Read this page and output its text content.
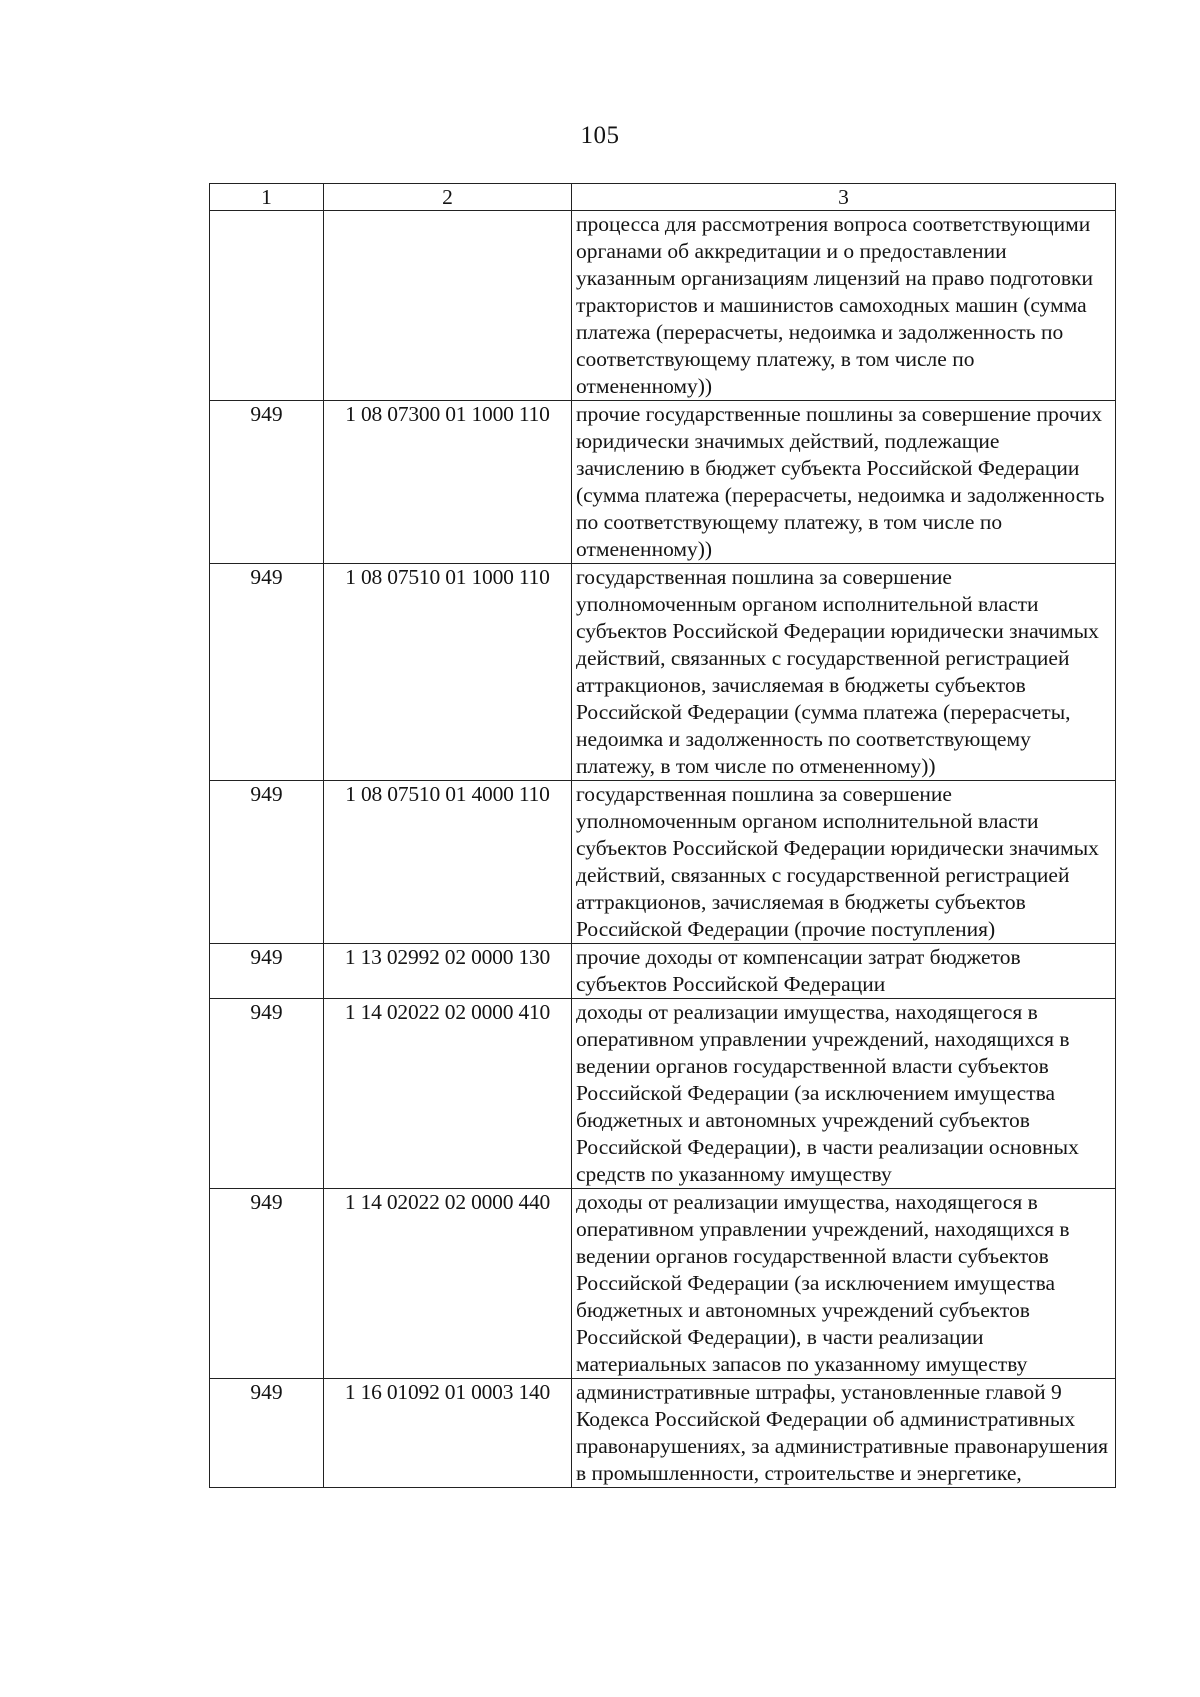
105
1	2	3
		процесса для рассмотрения вопроса соответствующими органами об аккредитации и о предоставлении указанным организациям лицензий на право подготовки трактористов и машинистов самоходных машин (сумма платежа (перерасчеты, недоимка и задолженность по соответствующему платежу, в том числе по отмененному))
949	1 08 07300 01 1000 110	прочие государственные пошлины за совершение прочих юридически значимых действий, подлежащие зачислению в бюджет субъекта Российской Федерации (сумма платежа (перерасчеты, недоимка и задолженность по соответствующему платежу, в том числе по отмененному))
949	1 08 07510 01 1000 110	государственная пошлина за совершение уполномоченным органом исполнительной власти субъектов Российской Федерации юридически значимых действий, связанных с государственной регистрацией аттракционов, зачисляемая в бюджеты субъектов Российской Федерации (сумма платежа (перерасчеты, недоимка и задолженность по соответствующему платежу, в том числе по отмененному))
949	1 08 07510 01 4000 110	государственная пошлина за совершение уполномоченным органом исполнительной власти субъектов Российской Федерации юридически значимых действий, связанных с государственной регистрацией аттракционов, зачисляемая в бюджеты субъектов Российской Федерации (прочие поступления)
949	1 13 02992 02 0000 130	прочие доходы от компенсации затрат бюджетов субъектов Российской Федерации
949	1 14 02022 02 0000 410	доходы от реализации имущества, находящегося в оперативном управлении учреждений, находящихся в ведении органов государственной власти субъектов Российской Федерации (за исключением имущества бюджетных и автономных учреждений субъектов Российской Федерации), в части реализации основных средств по указанному имуществу
949	1 14 02022 02 0000 440	доходы от реализации имущества, находящегося в оперативном управлении учреждений, находящихся в ведении органов государственной власти субъектов Российской Федерации (за исключением имущества бюджетных и автономных учреждений субъектов Российской Федерации), в части реализации материальных запасов по указанному имуществу
949	1 16 01092 01 0003 140	административные штрафы, установленные главой 9 Кодекса Российской Федерации об административных правонарушениях, за административные правонарушения в промышленности, строительстве и энергетике,
